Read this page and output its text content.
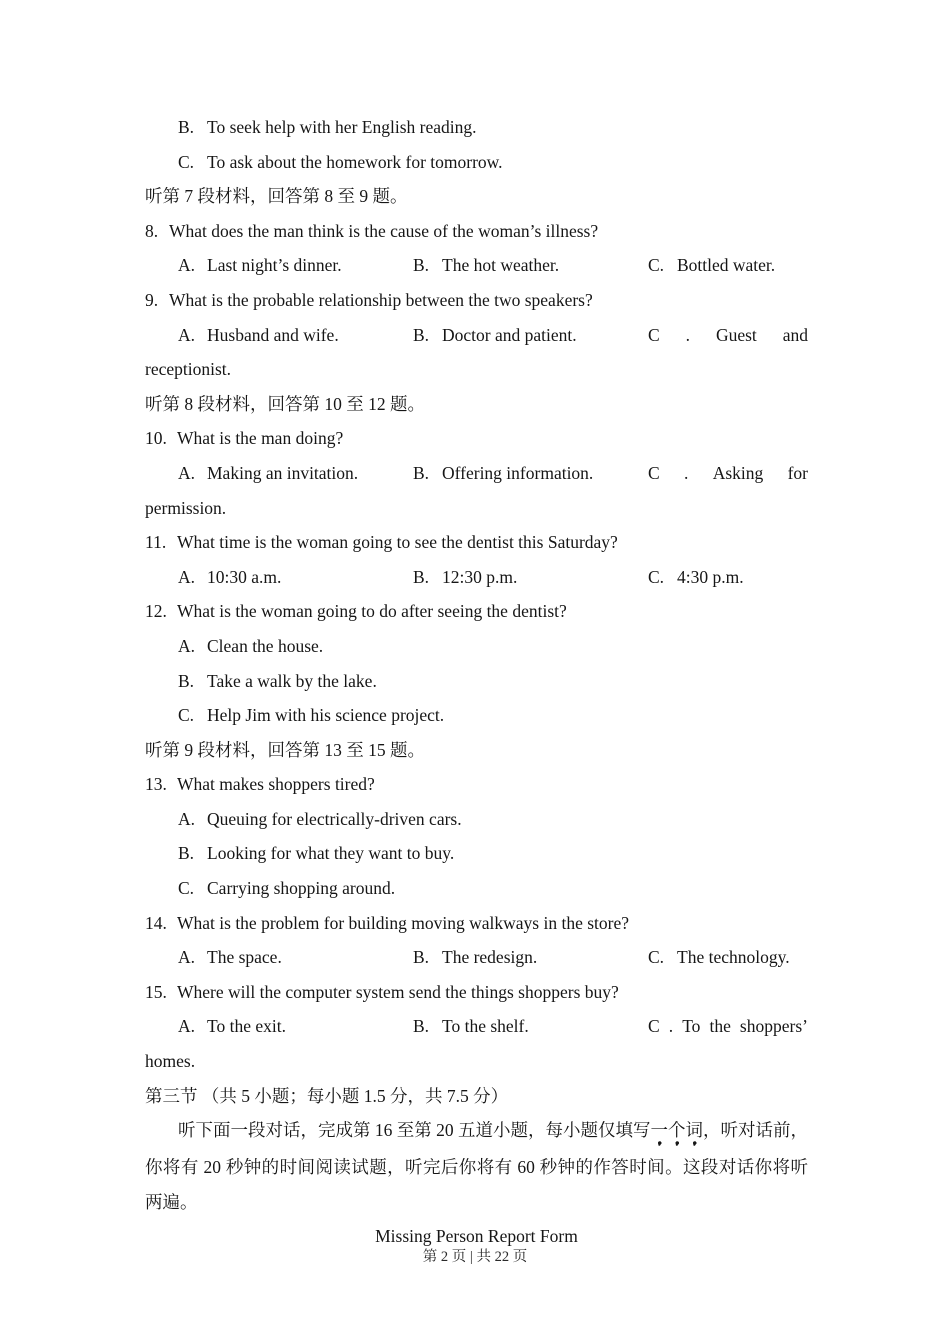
B. To seek help with her English reading.
C. To ask about the homework for tomorrow.
听第 7 段材料，回答第 8 至 9 题。
8. What does the man think is the cause of the woman’s illness?
A. Last night’s dinner.	B. The hot weather.	C. Bottled water.
9. What is the probable relationship between the two speakers?
A. Husband and wife.	B. Doctor and patient.	C . Guest and
receptionist.
听第 8 段材料，回答第 10 至 12 题。
10. What is the man doing?
A. Making an invitation.	B. Offering information.	C . Asking for
permission.
11. What time is the woman going to see the dentist this Saturday?
A. 10:30 a.m.	B. 12:30 p.m.	C. 4:30 p.m.
12. What is the woman going to do after seeing the dentist?
A. Clean the house.
B. Take a walk by the lake.
C. Help Jim with his science project.
听第 9 段材料，回答第 13 至 15 题。
13. What makes shoppers tired?
A. Queuing for electrically-driven cars.
B. Looking for what they want to buy.
C. Carrying shopping around.
14. What is the problem for building moving walkways in the store?
A. The space.	B. The redesign.	C. The technology.
15. Where will the computer system send the things shoppers buy?
A. To the exit.	B. To the shelf.	C . To the shoppers’
homes.
第三节 （共 5 小题；每小题 1.5 分，共 7.5 分）

听下面一段对话，完成第 16 至第 20 五道小题，每小题仅填写一个词，听对话前，你将有 20 秒钟的时间阅读试题，听完后你将有 60 秒钟的作答时间。这段对话你将听两遍。

Missing Person Report Form
第 2 页 | 共 22 页
